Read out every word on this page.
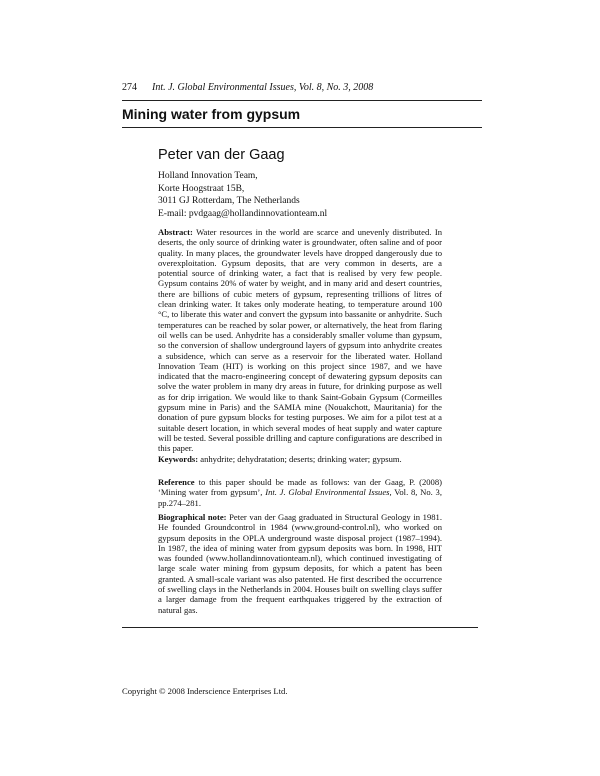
274 Int. J. Global Environmental Issues, Vol. 8, No. 3, 2008
Mining water from gypsum
Peter van der Gaag
Holland Innovation Team,
Korte Hoogstraat 15B,
3011 GJ Rotterdam, The Netherlands
E-mail: pvdgaag@hollandinnovationteam.nl
Abstract: Water resources in the world are scarce and unevenly distributed. In deserts, the only source of drinking water is groundwater, often saline and of poor quality. In many places, the groundwater levels have dropped dangerously due to overexploitation. Gypsum deposits, that are very common in deserts, are a potential source of drinking water, a fact that is realised by very few people. Gypsum contains 20% of water by weight, and in many arid and desert countries, there are billions of cubic meters of gypsum, representing trillions of litres of clean drinking water. It takes only moderate heating, to temperature around 100 °C, to liberate this water and convert the gypsum into bassanite or anhydrite. Such temperatures can be reached by solar power, or alternatively, the heat from flaring oil wells can be used. Anhydrite has a considerably smaller volume than gypsum, so the conversion of shallow underground layers of gypsum into anhydrite creates a subsidence, which can serve as a reservoir for the liberated water. Holland Innovation Team (HIT) is working on this project since 1987, and we have indicated that the macro-engineering concept of dewatering gypsum deposits can solve the water problem in many dry areas in future, for drinking purpose as well as for drip irrigation. We would like to thank Saint-Gobain Gypsum (Cormeilles gypsum mine in Paris) and the SAMIA mine (Nouakchott, Mauritania) for the donation of pure gypsum blocks for testing purposes. We aim for a pilot test at a suitable desert location, in which several modes of heat supply and water capture will be tested. Several possible drilling and capture configurations are described in this paper.
Keywords: anhydrite; dehydratation; deserts; drinking water; gypsum.
Reference to this paper should be made as follows: van der Gaag, P. (2008) ‘Mining water from gypsum’, Int. J. Global Environmental Issues, Vol. 8, No. 3, pp.274–281.
Biographical note: Peter van der Gaag graduated in Structural Geology in 1981. He founded Groundcontrol in 1984 (www.ground-control.nl), who worked on gypsum deposits in the OPLA underground waste disposal project (1987–1994). In 1987, the idea of mining water from gypsum deposits was born. In 1998, HIT was founded (www.hollandinnovationteam.nl), which continued investigating of large scale water mining from gypsum deposits, for which a patent has been granted. A small-scale variant was also patented. He first described the occurrence of swelling clays in the Netherlands in 2004. Houses built on swelling clays suffer a larger damage from the frequent earthquakes triggered by the extraction of natural gas.
Copyright © 2008 Inderscience Enterprises Ltd.
